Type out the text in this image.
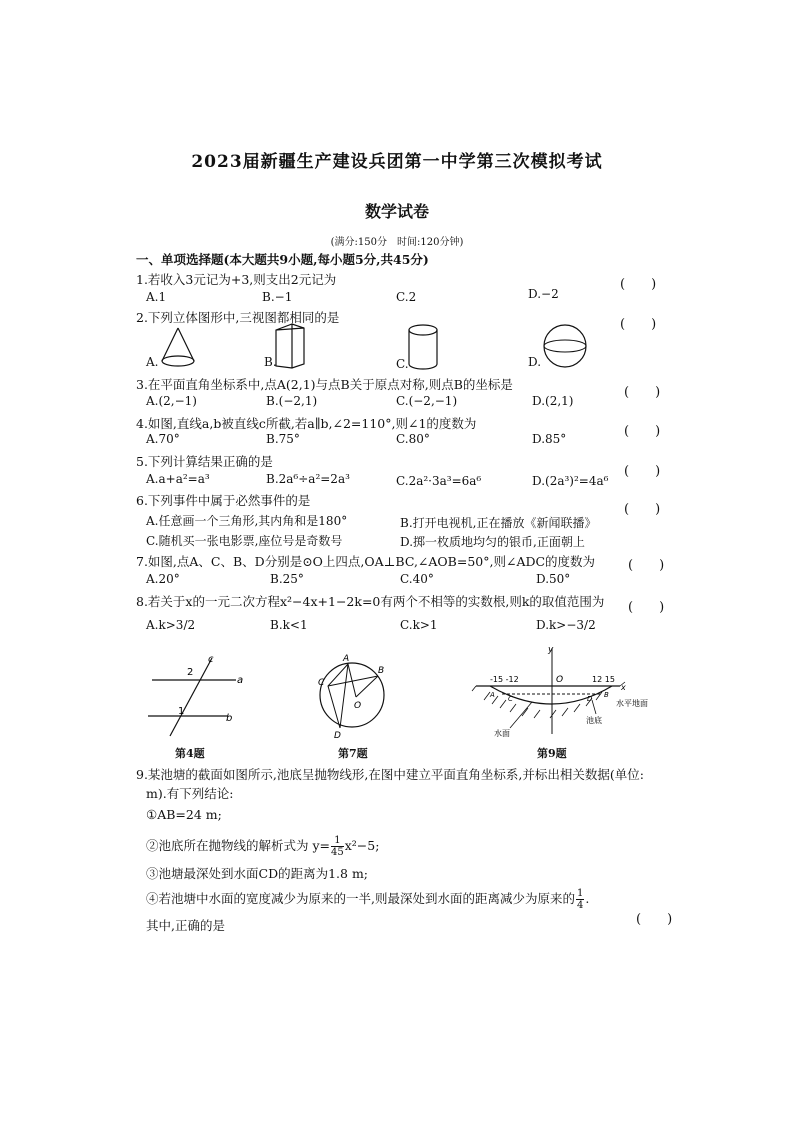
2023届新疆生产建设兵团第一中学第三次模拟考试
数学试卷
(满分:150分　时间:120分钟)
一、单项选择题(本大题共9小题,每小题5分,共45分)
1.若收入3元记为+3,则支出2元记为	(　　)
A.1	B.−1	C.2	D.−2
2.下列立体图形中,三视图都相同的是	(　　)
A.	B.	C.	D.
3.在平面直角坐标系中,点A(2,1)与点B关于原点对称,则点B的坐标是
(　　)
A.(2,−1)	B.(−2,1)	C.(−2,−1)	D.(2,1)
4.如图,直线a,b被直线c所截,若a∥b,∠2=110°,则∠1的度数为
(　　)
A.70°	B.75°	C.80°	D.85°
5.下列计算结果正确的是
(　　)
A.a+a²=a³	B.2a⁶÷a²=2a³	C.2a²·3a³=6a⁶	D.(2a³)²=4a⁶
6.下列事件中属于必然事件的是
(　　)
A.任意画一个三角形,其内角和是180°	B.打开电视机,正在播放《新闻联播》
C.随机买一张电影票,座位号是奇数号	D.掷一枚质地均匀的银币,正面朝上
7.如图,点A、C、B、D分别是⊙O上四点,OA⊥BC,∠AOB=50°,则∠ADC的度数为	(　　)
A.20°	B.25°	C.40°	D.50°
8.若关于x的一元二次方程x²−4x+1−2k=0有两个不相等的实数根,则k的取值范围为 (　　)
A.k>3/2	B.k<1	C.k>1	D.k>−3/2
a
b
c
2
1
第4题
A
B
C
D
O
第7题
y
x
O
-15 -12	12 15
A	B
C	D	水平地面
池底
水面
第9题
9.某池塘的截面如图所示,池底呈抛物线形,在图中建立平面直角坐标系,并标出相关数据(单位:
m).有下列结论:
①AB=24 m;
②池底所在抛物线的解析式为 $y= \frac{1}{45} x^2-5$;
③池塘最深处到水面CD的距离为1.8 m;
④若池塘中水面的宽度减少为原来的一半,则最深处到水面的距离减少为原来的 $\frac{1}{4}$ .
其中,正确的是	(　　)
